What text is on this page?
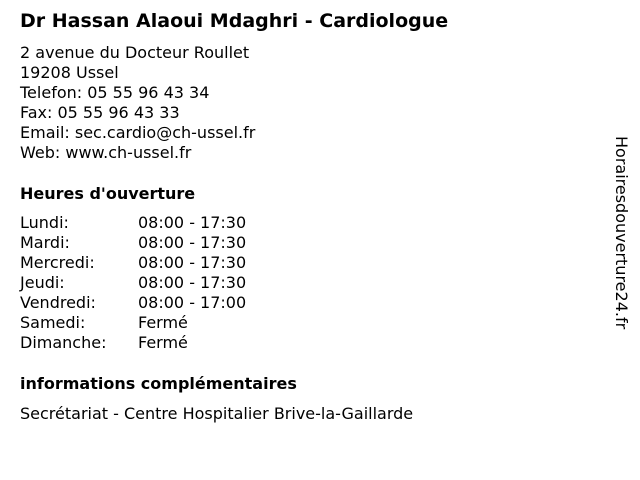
Dr Hassan Alaoui Mdaghri - Cardiologue
2 avenue du Docteur Roullet
19208 Ussel
Telefon: 05 55 96 43 34
Fax: 05 55 96 43 33
Email: sec.cardio@ch-ussel.fr
Web: www.ch-ussel.fr
Heures d'ouverture
Lundi:	08:00 - 17:30
Mardi:	08:00 - 17:30
Mercredi:	08:00 - 17:30
Jeudi:	08:00 - 17:30
Vendredi:	08:00 - 17:00
Samedi:	Fermé
Dimanche:	Fermé
informations complémentaires
Secrétariat - Centre Hospitalier Brive-la-Gaillarde
Horairesdouverture24.fr
